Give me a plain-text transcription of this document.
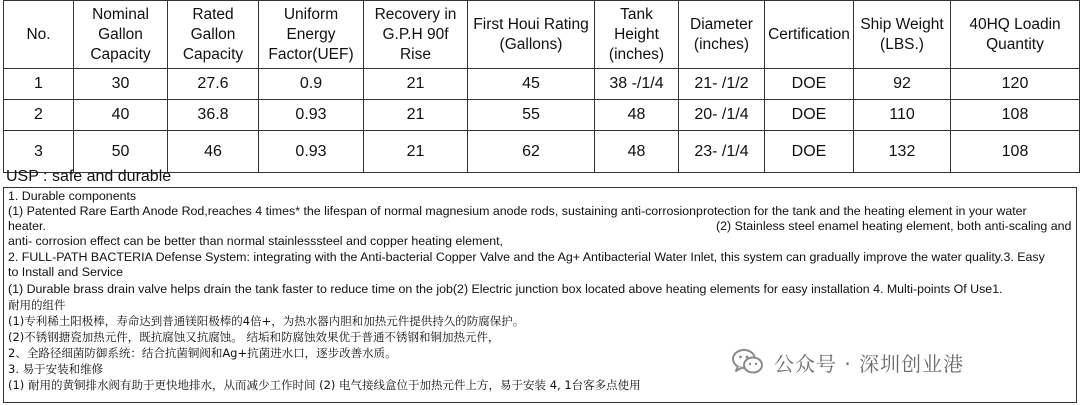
No.	Nominal Gallon Capacity	Rated Gallon Capacity	Uniform Energy Factor(UEF)	Recovery in G.P.H 90f Rise	First Houi Rating (Gallons)	Tank Height (inches)	Diameter (inches)	Certification	Ship Weight (LBS.)	40HQ Loadin Quantity
1	30	27.6	0.9	21	45	38 -/1/4	21- /1/2	DOE	92	120
2	40	36.8	0.93	21	55	48	20- /1/4	DOE	110	108
3	50	46	0.93	21	62	48	23- /1/4	DOE	132	108
USP : safe and durable
1. Durable components
(1) Patented Rare Earth Anode Rod,reaches 4 times* the lifespan of normal magnesium anode rods, sustaining anti-corrosionprotection for the tank and the heating element in your water
heater.	(2) Stainless steel enamel heating element, both anti-scaling and
anti- corrosion effect can be better than normal stainlesssteel and copper heating element,
2. FULL-PATH BACTERIA Defense System: integrating with the Anti-bacterial Copper Valve and the Ag+ Antibacterial Water Inlet, this system can gradually improve the water quality.3. Easy
to Install and Service
(1) Durable brass drain valve helps drain the tank faster to reduce time on the job(2) Electric junction box located above heating elements for easy installation 4. Multi-points Of Use1.
耐用的组件
(1)专利稀土阳极棒，寿命达到普通镁阳极棒的4倍+，为热水器内胆和加热元件提供持久的防腐保护。
(2)不锈钢搪瓷加热元件，既抗腐蚀又抗腐蚀。 结垢和防腐蚀效果优于普通不锈钢和铜加热元件，
2、全路径细菌防御系统：结合抗菌铜阀和Ag+抗菌进水口，逐步改善水质。
3. 易于安装和维修
(1) 耐用的黄铜排水阀有助于更快地排水，从而减少工作时间 (2) 电气接线盒位于加热元件上方，易于安装 4, 1台客多点使用
公众号 · 深圳创业港
